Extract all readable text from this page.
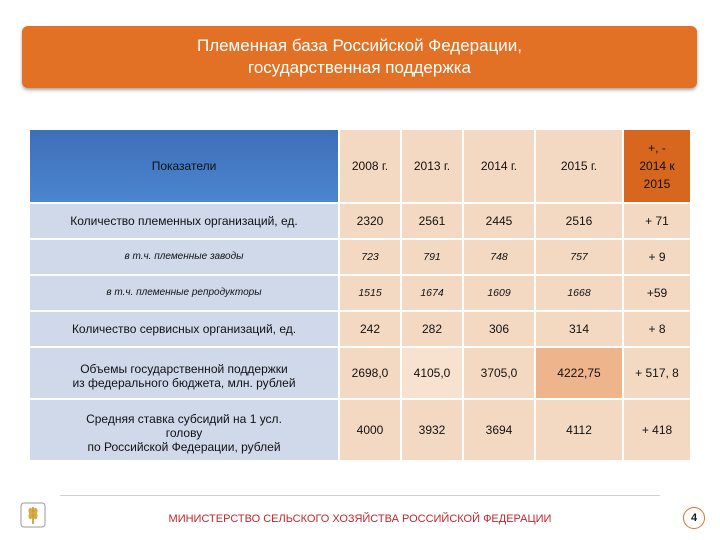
Племенная база Российской Федерации,
государственная поддержка
Показатели	2008 г.	2013 г.	2014 г.	2015 г.	+, -
2014 к
2015

Количество племенных организаций, ед.	2320	2561	2445	2516	+ 71
в т.ч. племенные заводы	723	791	748	757	+ 9
в т.ч. племенные репродукторы	1515	1674	1609	1668	+59
Количество сервисных организаций, ед.	242	282	306	314	+ 8

Объемы государственной поддержки
из федерального бюджета, млн. рублей	2698,0	4105,0	3705,0	4222,75	+ 517, 8

Средняя ставка субсидий на 1 усл.
голову
по Российской Федерации, рублей	4000	3932	3694	4112	+ 418
МИНИСТЕРСТВО СЕЛЬСКОГО ХОЗЯЙСТВА РОССИЙСКОЙ ФЕДЕРАЦИИ	4
